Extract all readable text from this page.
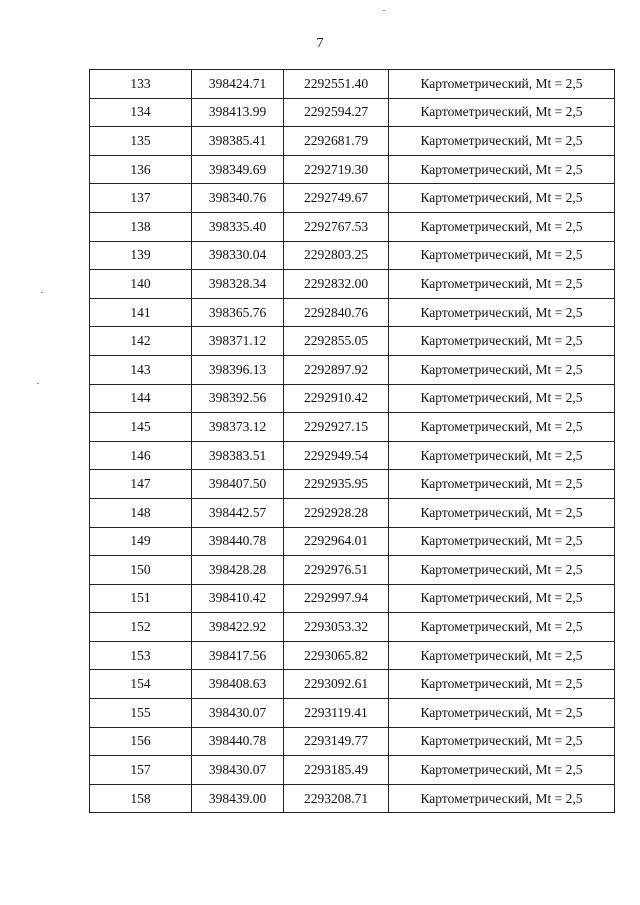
7
133	398424.71	2292551.40	Картометрический, Mt = 2,5
134	398413.99	2292594.27	Картометрический, Mt = 2,5
135	398385.41	2292681.79	Картометрический, Mt = 2,5
136	398349.69	2292719.30	Картометрический, Mt = 2,5
137	398340.76	2292749.67	Картометрический, Mt = 2,5
138	398335.40	2292767.53	Картометрический, Mt = 2,5
139	398330.04	2292803.25	Картометрический, Mt = 2,5
140	398328.34	2292832.00	Картометрический, Mt = 2,5
141	398365.76	2292840.76	Картометрический, Mt = 2,5
142	398371.12	2292855.05	Картометрический, Mt = 2,5
143	398396.13	2292897.92	Картометрический, Mt = 2,5
144	398392.56	2292910.42	Картометрический, Mt = 2,5
145	398373.12	2292927.15	Картометрический, Mt = 2,5
146	398383.51	2292949.54	Картометрический, Mt = 2,5
147	398407.50	2292935.95	Картометрический, Mt = 2,5
148	398442.57	2292928.28	Картометрический, Mt = 2,5
149	398440.78	2292964.01	Картометрический, Mt = 2,5
150	398428.28	2292976.51	Картометрический, Mt = 2,5
151	398410.42	2292997.94	Картометрический, Mt = 2,5
152	398422.92	2293053.32	Картометрический, Mt = 2,5
153	398417.56	2293065.82	Картометрический, Mt = 2,5
154	398408.63	2293092.61	Картометрический, Mt = 2,5
155	398430.07	2293119.41	Картометрический, Mt = 2,5
156	398440.78	2293149.77	Картометрический, Mt = 2,5
157	398430.07	2293185.49	Картометрический, Mt = 2,5
158	398439.00	2293208.71	Картометрический, Mt = 2,5
